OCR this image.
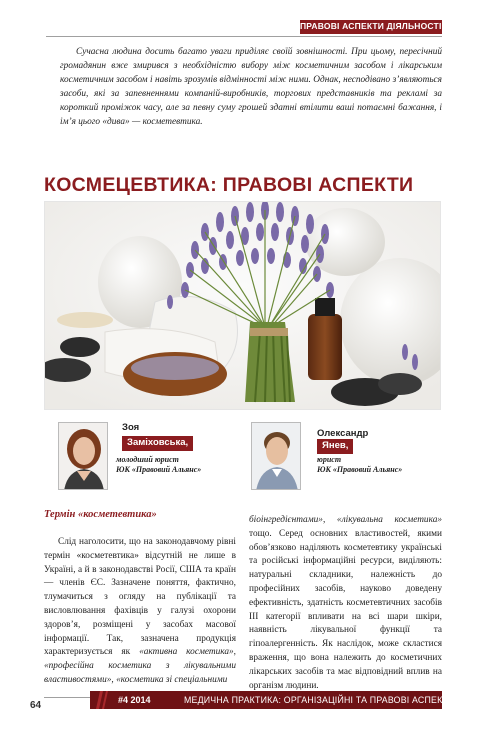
ПРАВОВІ АСПЕКТИ ДІЯЛЬНОСТІ

Сучасна людина досить багато уваги приділяє своїй зовнішності. При цьому, пересічний громадянин вже змирився з необхідністю вибору між косметичним засобом і лікарським косметичним засобом і навіть зрозумів відмінності між ними. Однак, несподівано з’являються засоби, які за запевненнями компаній-виробників, торгових представників та рекламі за короткий проміжок часу, але за певну суму грошей здатні втілити ваші потаємні бажання, і ім’я цього «дива» — косметевтика.

КОСМЕЦЕВТИКА: ПРАВОВІ АСПЕКТИ
Зоя
Заміховська,
молодший юрист
ЮК «Правовий Альянс»
Олександр
Янев,
юрист
ЮК «Правовий Альянс»
Термін «косметевтика»

Слід наголосити, що на законодавчому рівні термін «косметевтика» відсутній не лише в Україні, а й в законодавстві Росії, США та країн — членів ЄС. Зазначене поняття, фактично, тлумачиться з огляду на публікації та висловлювання фахівців у галузі охорони здоров’я, розміщені у засобах масової інформації. Так, зазначена продукція характеризується як «активна косметика», «професійна косметика з лікувальними властивостями», «косметика зі спеціальними

біоінгредієнтами», «лікувальна косметика» тощо. Серед основних властивостей, якими обов’язково наділяють косметевтику українські та російські інформаційні ресурси, виділяють: натуральні складники, належність до професійних засобів, науково доведену ефективність, здатність косметевтичних засобів ІІІ категорії впливати на всі шари шкіри, наявність лікувальної функції та гіпоалергенність. Як наслідок, може скластися враження, що вона належить до косметичних лікарських засобів та має відповідний вплив на організм людини.

64	#4 2014	МЕДИЧНА ПРАКТИКА: ОРГАНІЗАЦІЙНІ ТА ПРАВОВІ АСПЕКТИ
